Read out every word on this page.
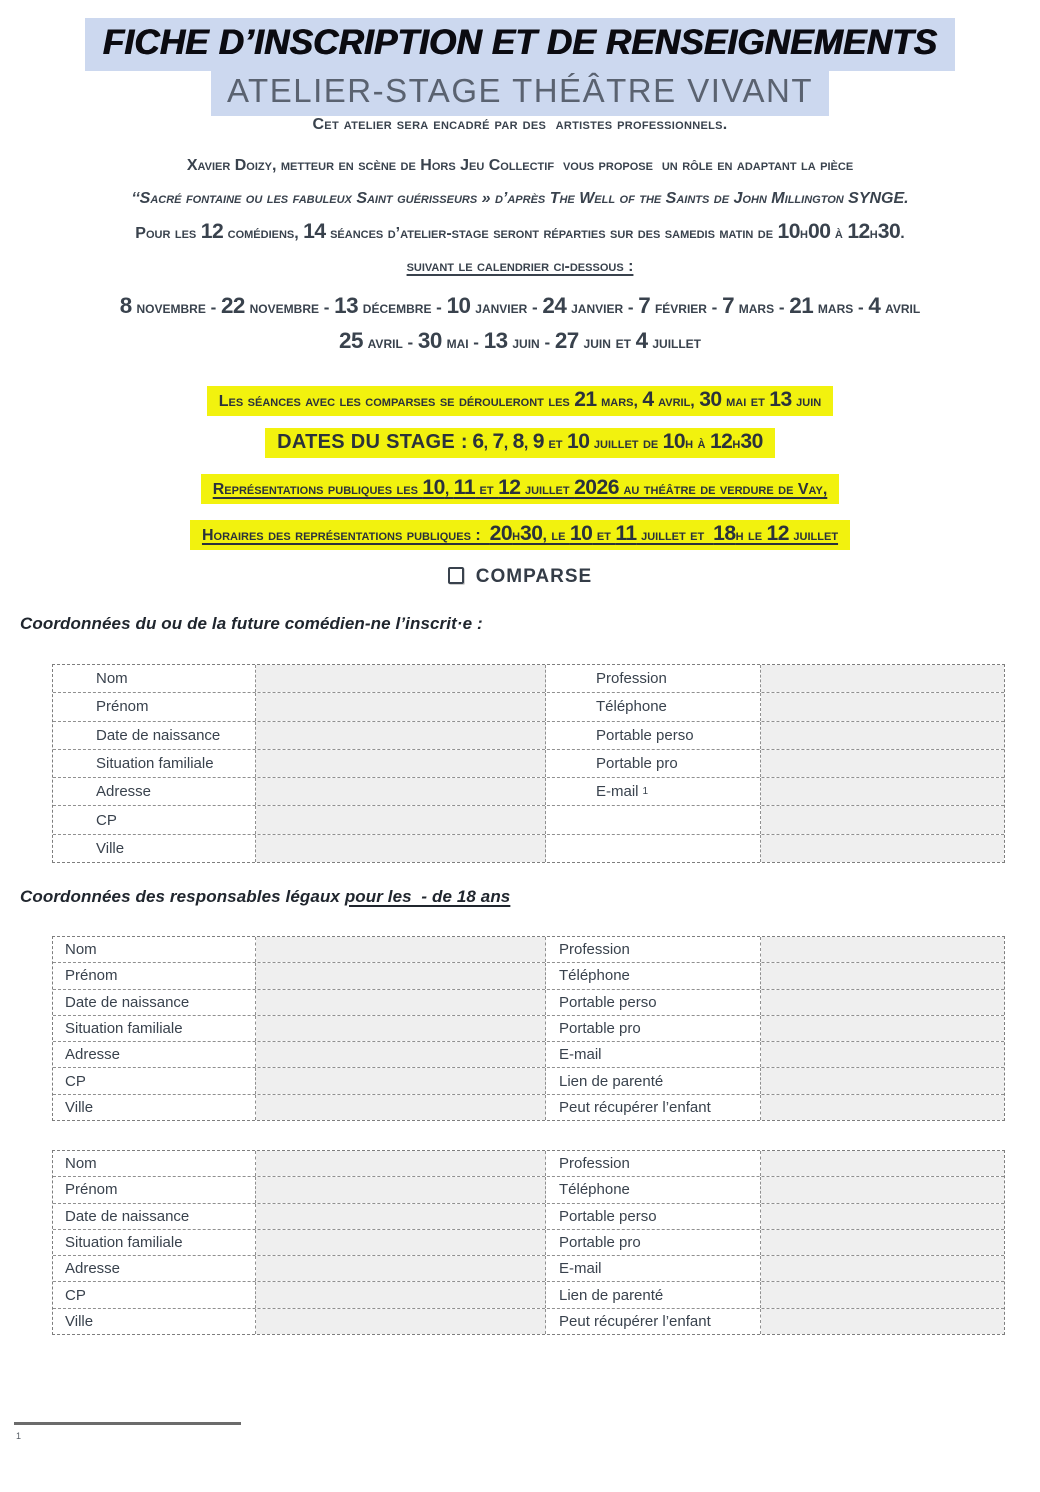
FICHE D’INSCRIPTION ET DE RENSEIGNEMENTS
ATELIER-STAGE THÉÂTRE VIVANT
Cet atelier sera encadré par des  artistes professionnels.
Xavier Doizy, metteur en scène de Hors Jeu Collectif  vous propose  un rôle en adaptant la pièce
‘‘Sacré fontaine ou les fabuleux Saint guérisseurs » d’après The Well of the Saints de John Millington SYNGE.
Pour les 12 comédiens, 14 séances d’atelier-stage seront réparties sur des samedis matin de 10h00 à 12h30.
suivant le calendrier ci-dessous :
8 novembre - 22 novembre - 13 décembre - 10 janvier - 24 janvier - 7 février - 7 mars - 21 mars - 4 avril
25 avril - 30 mai - 13 juin - 27 juin et 4 juillet
Les séances avec les comparses se dérouleront les 21 mars, 4 avril, 30 mai et 13 juin
DATES DU STAGE : 6, 7, 8, 9 et 10 juillet de 10h à 12h30
Représentations publiques les 10, 11 et 12 juillet 2026 au théâtre de verdure de Vay,
Horaires des représentations publiques :  20h30, le 10 et 11 juillet et  18h le 12 juillet
COMPARSE
Coordonnées du ou de la future comédien-ne l’inscrit·e :
Nom	Profession
Prénom	Téléphone
Date de naissance	Portable perso
Situation familiale	Portable pro
Adresse	E-mail 1
CP
Ville
Coordonnées des responsables légaux pour les  - de 18 ans
Nom	Profession
Prénom	Téléphone
Date de naissance	Portable perso
Situation familiale	Portable pro
Adresse	E-mail
CP	Lien de parenté
Ville	Peut récupérer l’enfant
Nom	Profession
Prénom	Téléphone
Date de naissance	Portable perso
Situation familiale	Portable pro
Adresse	E-mail
CP	Lien de parenté
Ville	Peut récupérer l’enfant
1
